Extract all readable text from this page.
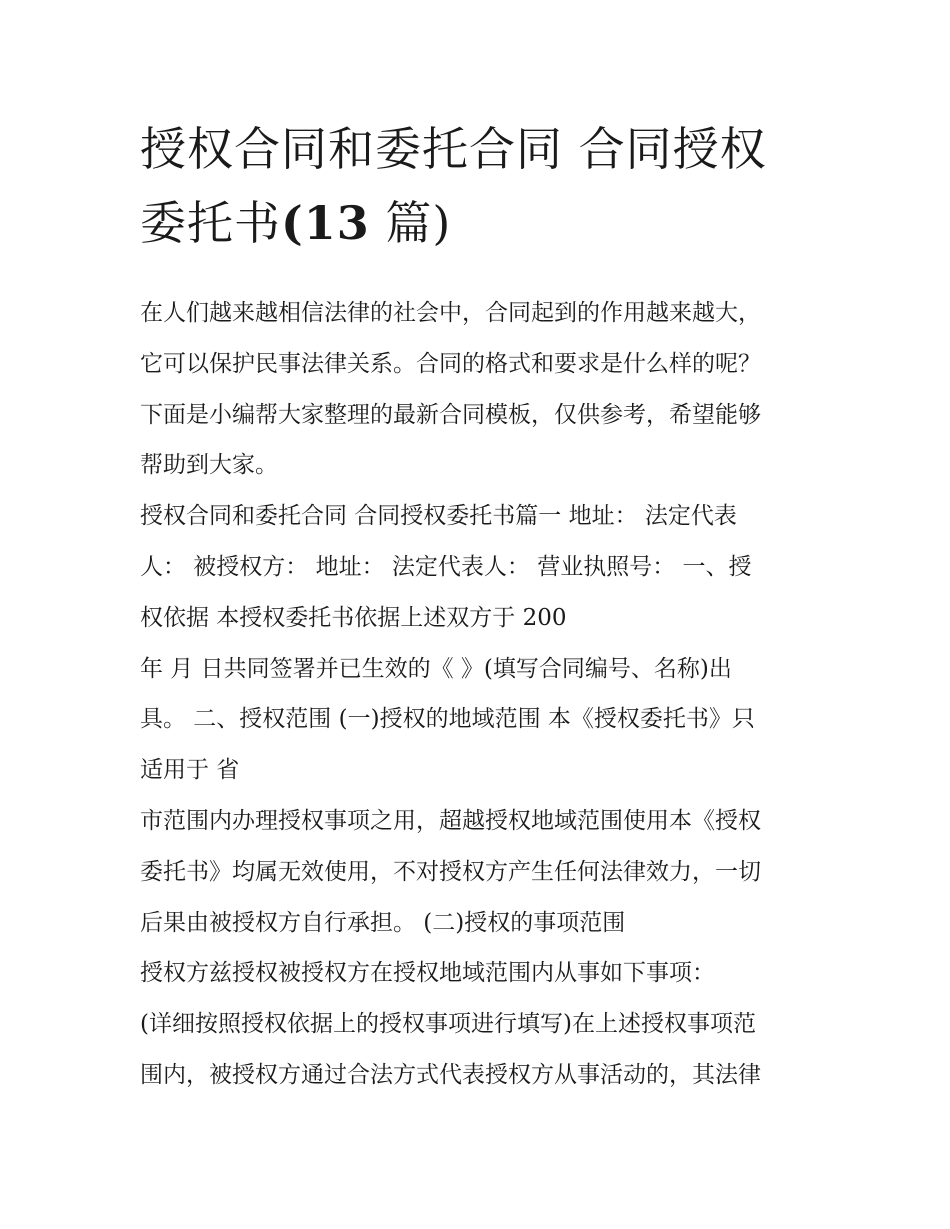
授权合同和委托合同 合同授权
委托书(13 篇)
在人们越来越相信法律的社会中，合同起到的作用越来越大，
它可以保护民事法律关系。合同的格式和要求是什么样的呢？
下面是小编帮大家整理的最新合同模板，仅供参考，希望能够
帮助到大家。
授权合同和委托合同 合同授权委托书篇一 地址： 法定代表
人： 被授权方： 地址： 法定代表人： 营业执照号： 一、授
权依据 本授权委托书依据上述双方于 200
年 月 日共同签署并已生效的《 》(填写合同编号、名称)出
具。 二、授权范围 (一)授权的地域范围 本《授权委托书》只
适用于 省
市范围内办理授权事项之用，超越授权地域范围使用本《授权
委托书》均属无效使用，不对授权方产生任何法律效力，一切
后果由被授权方自行承担。 (二)授权的事项范围
授权方兹授权被授权方在授权地域范围内从事如下事项：
(详细按照授权依据上的授权事项进行填写)在上述授权事项范
围内，被授权方通过合法方式代表授权方从事活动的，其法律
